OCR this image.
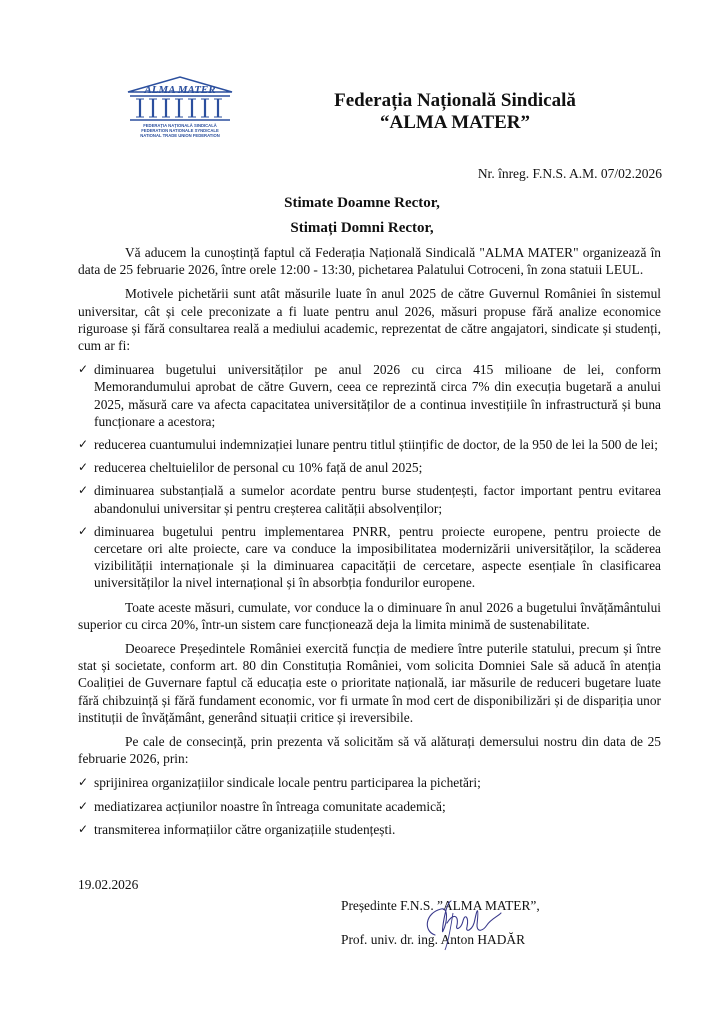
ALMA MATER
FEDERAȚIA NAȚIONALĂ SINDICALĂ
FEDERATION NATIONALE SYNDICALE
NATIONAL TRADE UNION FEDERATION
Federația Națională Sindicală
“ALMA MATER”
Nr. înreg. F.N.S. A.M. 07/02.2026
Stimate Doamne Rector,
Stimați Domni Rector,

Vă aducem la cunoștință faptul că Federația Națională Sindicală "ALMA MATER" organizează în data de 25 februarie 2026, între orele 12:00 - 13:30, pichetarea Palatului Cotroceni, în zona statuii LEUL.

Motivele pichetării sunt atât măsurile luate în anul 2025 de către Guvernul României în sistemul universitar, cât și cele preconizate a fi luate pentru anul 2026, măsuri propuse fără analize economice riguroase și fără consultarea reală a mediului academic, reprezentat de către angajatori, sindicate și studenți, cum ar fi:

✓ diminuarea bugetului universităților pe anul 2026 cu circa 415 milioane de lei, conform Memorandumului aprobat de către Guvern, ceea ce reprezintă circa 7% din execuția bugetară a anului 2025, măsură care va afecta capacitatea universităților de a continua investițiile în infrastructură și buna funcționare a acestora;
✓ reducerea cuantumului indemnizației lunare pentru titlul științific de doctor, de la 950 de lei la 500 de lei;
✓ reducerea cheltuielilor de personal cu 10% față de anul 2025;
✓ diminuarea substanțială a sumelor acordate pentru burse studențești, factor important pentru evitarea abandonului universitar și pentru creșterea calității absolvenților;
✓ diminuarea bugetului pentru implementarea PNRR, pentru proiecte europene, pentru proiecte de cercetare ori alte proiecte, care va conduce la imposibilitatea modernizării universităților, la scăderea vizibilității internaționale și la diminuarea capacității de cercetare, aspecte esențiale în clasificarea universităților la nivel internațional și în absorbția fondurilor europene.

Toate aceste măsuri, cumulate, vor conduce la o diminuare în anul 2026 a bugetului învățământului superior cu circa 20%, într-un sistem care funcționează deja la limita minimă de sustenabilitate.

Deoarece Președintele României exercită funcția de mediere între puterile statului, precum și între stat și societate, conform art. 80 din Constituția României, vom solicita Domniei Sale să aducă în atenția Coaliției de Guvernare faptul că educația este o prioritate națională, iar măsurile de reduceri bugetare luate fără chibzuință și fără fundament economic, vor fi urmate în mod cert de disponibilizări și de dispariția unor instituții de învățământ, generând situații critice și ireversibile.

Pe cale de consecință, prin prezenta vă solicităm să vă alăturați demersului nostru din data de 25 februarie 2026, prin:

✓ sprijinirea organizațiilor sindicale locale pentru participarea la pichetări;
✓ mediatizarea acțiunilor noastre în întreaga comunitate academică;
✓ transmiterea informațiilor către organizațiile studențești.
19.02.2026
Președinte F.N.S. ”ALMA MATER”,
Prof. univ. dr. ing. Anton HADĂR
